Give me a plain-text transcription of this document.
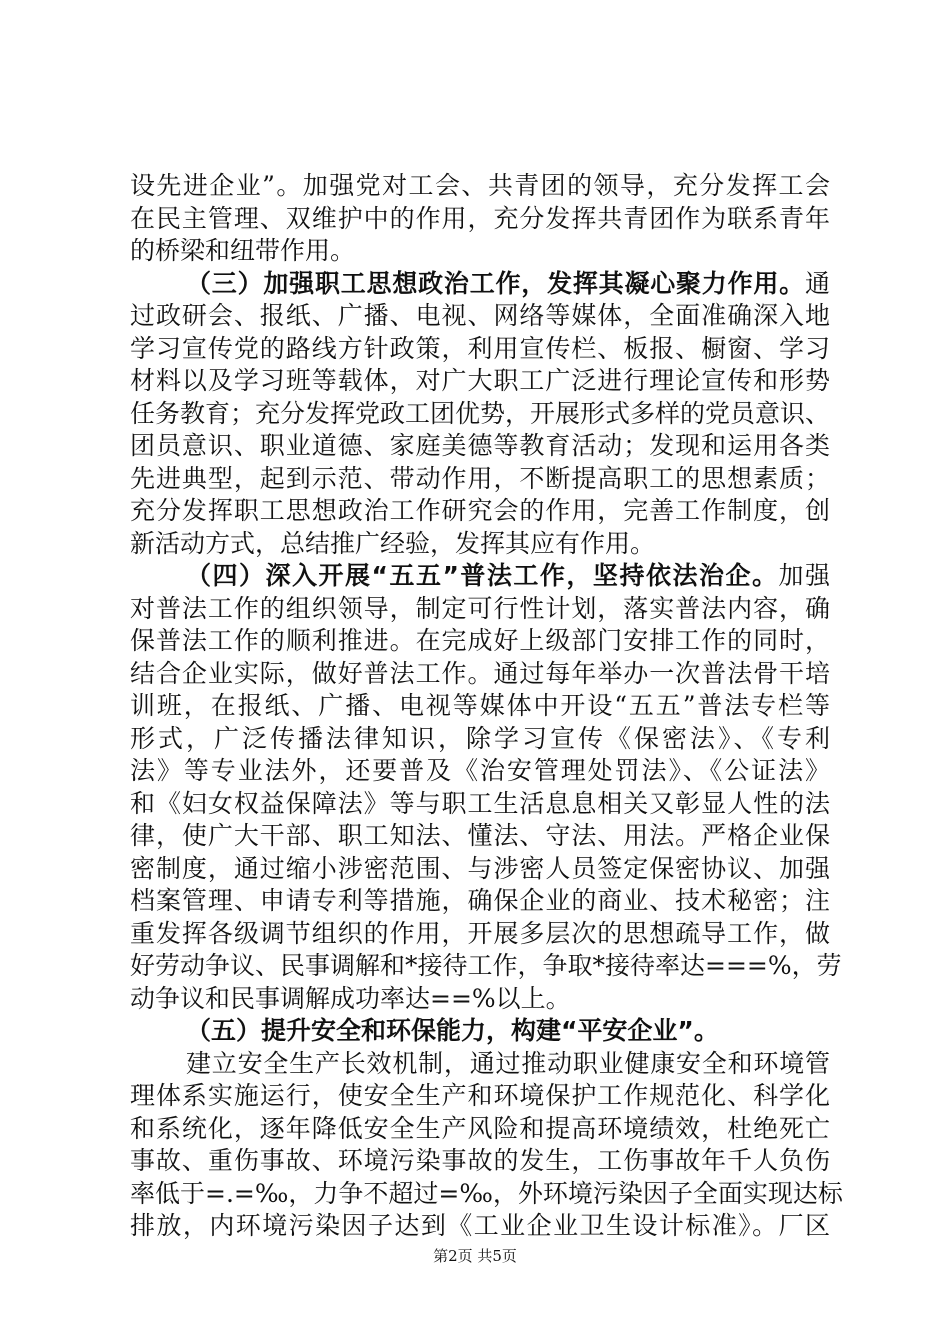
设先进企业”。加强党对工会、共青团的领导，充分发挥工会
在民主管理、双维护中的作用，充分发挥共青团作为联系青年
的桥梁和纽带作用。
（三）加强职工思想政治工作，发挥其凝心聚力作用。通
过政研会、报纸、广播、电视、网络等媒体，全面准确深入地
学习宣传党的路线方针政策，利用宣传栏、板报、橱窗、学习
材料以及学习班等载体，对广大职工广泛进行理论宣传和形势
任务教育；充分发挥党政工团优势，开展形式多样的党员意识、
团员意识、职业道德、家庭美德等教育活动；发现和运用各类
先进典型，起到示范、带动作用，不断提高职工的思想素质；
充分发挥职工思想政治工作研究会的作用，完善工作制度，创
新活动方式，总结推广经验，发挥其应有作用。
（四）深入开展“五五”普法工作，坚持依法治企。加强
对普法工作的组织领导，制定可行性计划，落实普法内容，确
保普法工作的顺利推进。在完成好上级部门安排工作的同时，
结合企业实际，做好普法工作。通过每年举办一次普法骨干培
训班，在报纸、广播、电视等媒体中开设“五五”普法专栏等
形式，广泛传播法律知识，除学习宣传《保密法》、《专利
法》等专业法外，还要普及《治安管理处罚法》、《公证法》
和《妇女权益保障法》等与职工生活息息相关又彰显人性的法
律，使广大干部、职工知法、懂法、守法、用法。严格企业保
密制度，通过缩小涉密范围、与涉密人员签定保密协议、加强
档案管理、申请专利等措施，确保企业的商业、技术秘密；注
重发挥各级调节组织的作用，开展多层次的思想疏导工作，做
好劳动争议、民事调解和*接待工作，争取*接待率达===%，劳
动争议和民事调解成功率达==%以上。
（五）提升安全和环保能力，构建“平安企业”。
建立安全生产长效机制，通过推动职业健康安全和环境管
理体系实施运行，使安全生产和环境保护工作规范化、科学化
和系统化，逐年降低安全生产风险和提高环境绩效，杜绝死亡
事故、重伤事故、环境污染事故的发生，工伤事故年千人负伤
率低于=.=‰，力争不超过=‰，外环境污染因子全面实现达标
排放，内环境污染因子达到《工业企业卫生设计标准》。厂区
第2页 共5页
